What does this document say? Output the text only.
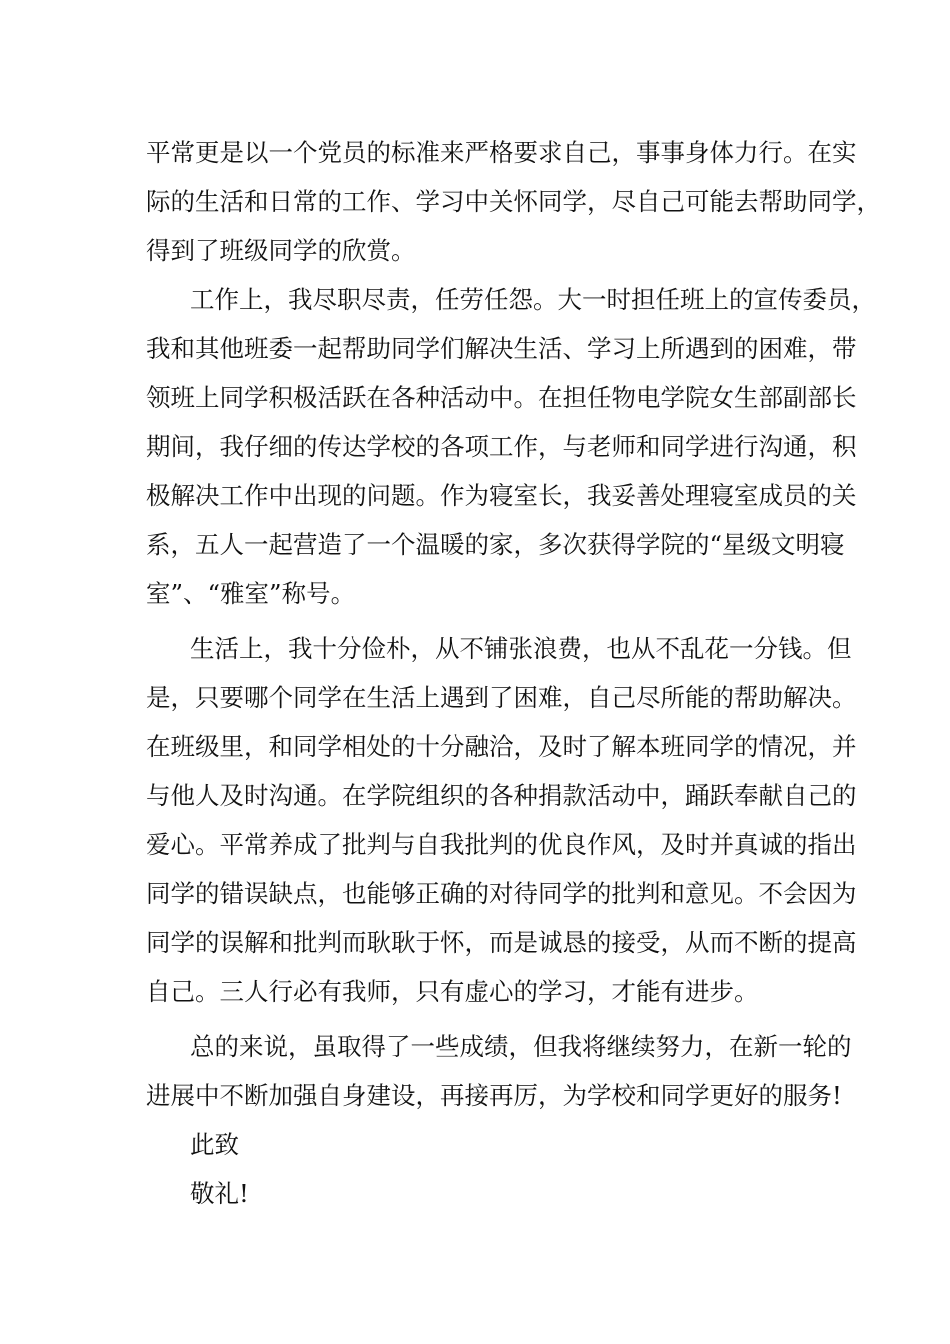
平常更是以一个党员的标准来严格要求自己，事事身体力行。在实
际的生活和日常的工作、学习中关怀同学，尽自己可能去帮助同学，
得到了班级同学的欣赏。
工作上，我尽职尽责，任劳任怨。大一时担任班上的宣传委员，
我和其他班委一起帮助同学们解决生活、学习上所遇到的困难，带
领班上同学积极活跃在各种活动中。在担任物电学院女生部副部长
期间，我仔细的传达学校的各项工作，与老师和同学进行沟通，积
极解决工作中出现的问题。作为寝室长，我妥善处理寝室成员的关
系，五人一起营造了一个温暖的家，多次获得学院的“星级文明寝
室”、“雅室”称号。
生活上，我十分俭朴，从不铺张浪费，也从不乱花一分钱。但
是，只要哪个同学在生活上遇到了困难，自己尽所能的帮助解决。
在班级里，和同学相处的十分融洽，及时了解本班同学的情况，并
与他人及时沟通。在学院组织的各种捐款活动中，踊跃奉献自己的
爱心。平常养成了批判与自我批判的优良作风，及时并真诚的指出
同学的错误缺点，也能够正确的对待同学的批判和意见。不会因为
同学的误解和批判而耿耿于怀，而是诚恳的接受，从而不断的提高
自己。三人行必有我师，只有虚心的学习，才能有进步。
总的来说，虽取得了一些成绩，但我将继续努力，在新一轮的
进展中不断加强自身建设，再接再厉，为学校和同学更好的服务!
此致
敬礼!
